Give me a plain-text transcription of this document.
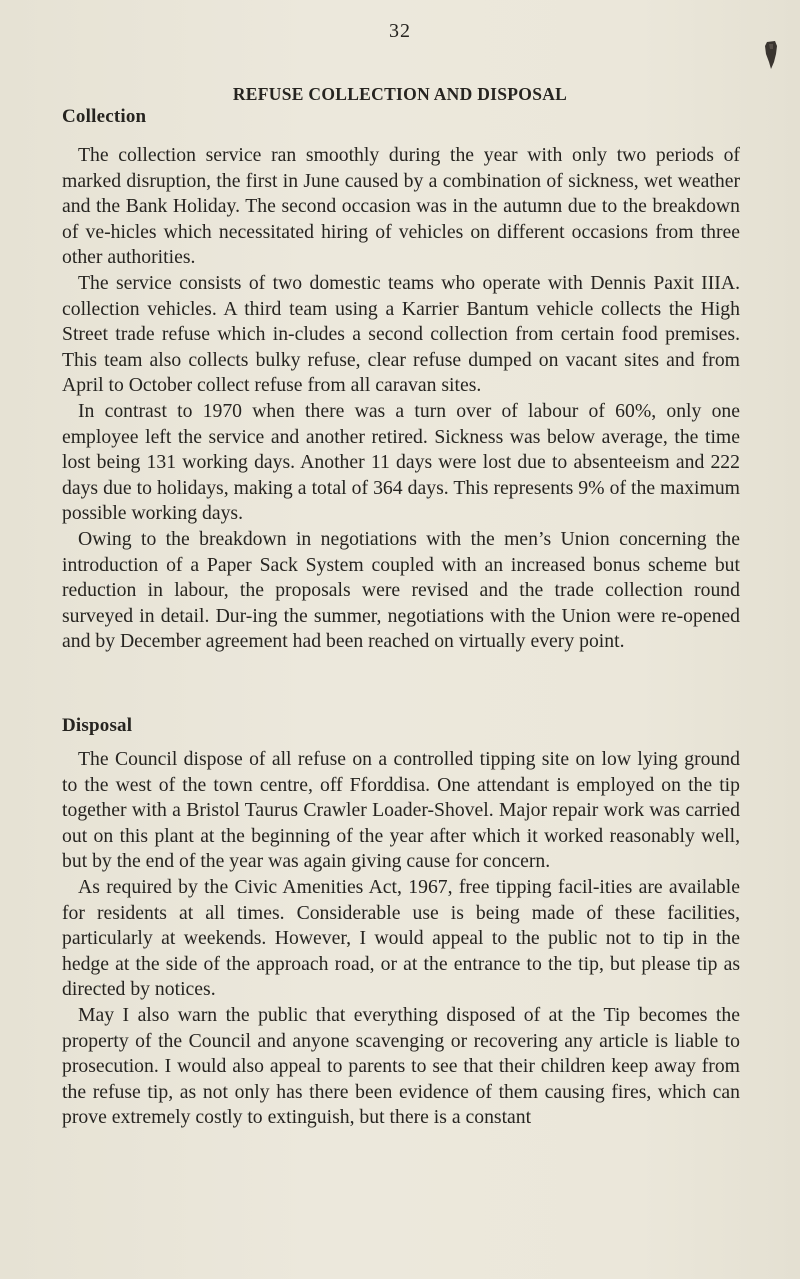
32
REFUSE COLLECTION AND DISPOSAL
Collection

The collection service ran smoothly during the year with only two periods of marked disruption, the first in June caused by a combination of sickness, wet weather and the Bank Holiday. The second occasion was in the autumn due to the breakdown of ve-hicles which necessitated hiring of vehicles on different occasions from three other authorities.

The service consists of two domestic teams who operate with Dennis Paxit IIIA. collection vehicles. A third team using a Karrier Bantum vehicle collects the High Street trade refuse which in-cludes a second collection from certain food premises. This team also collects bulky refuse, clear refuse dumped on vacant sites and from April to October collect refuse from all caravan sites.

In contrast to 1970 when there was a turn over of labour of 60%, only one employee left the service and another retired. Sickness was below average, the time lost being 131 working days. Another 11 days were lost due to absenteeism and 222 days due to holidays, making a total of 364 days. This represents 9% of the maximum possible working days.

Owing to the breakdown in negotiations with the men’s Union concerning the introduction of a Paper Sack System coupled with an increased bonus scheme but reduction in labour, the proposals were revised and the trade collection round surveyed in detail. Dur-ing the summer, negotiations with the Union were re-opened and by December agreement had been reached on virtually every point.

Disposal

The Council dispose of all refuse on a controlled tipping site on low lying ground to the west of the town centre, off Fforddisa. One attendant is employed on the tip together with a Bristol Taurus Crawler Loader-Shovel. Major repair work was carried out on this plant at the beginning of the year after which it worked reasonably well, but by the end of the year was again giving cause for concern.

As required by the Civic Amenities Act, 1967, free tipping facil-ities are available for residents at all times. Considerable use is being made of these facilities, particularly at weekends. However, I would appeal to the public not to tip in the hedge at the side of the approach road, or at the entrance to the tip, but please tip as directed by notices.

May I also warn the public that everything disposed of at the Tip becomes the property of the Council and anyone scavenging or recovering any article is liable to prosecution. I would also appeal to parents to see that their children keep away from the refuse tip, as not only has there been evidence of them causing fires, which can prove extremely costly to extinguish, but there is a constant
